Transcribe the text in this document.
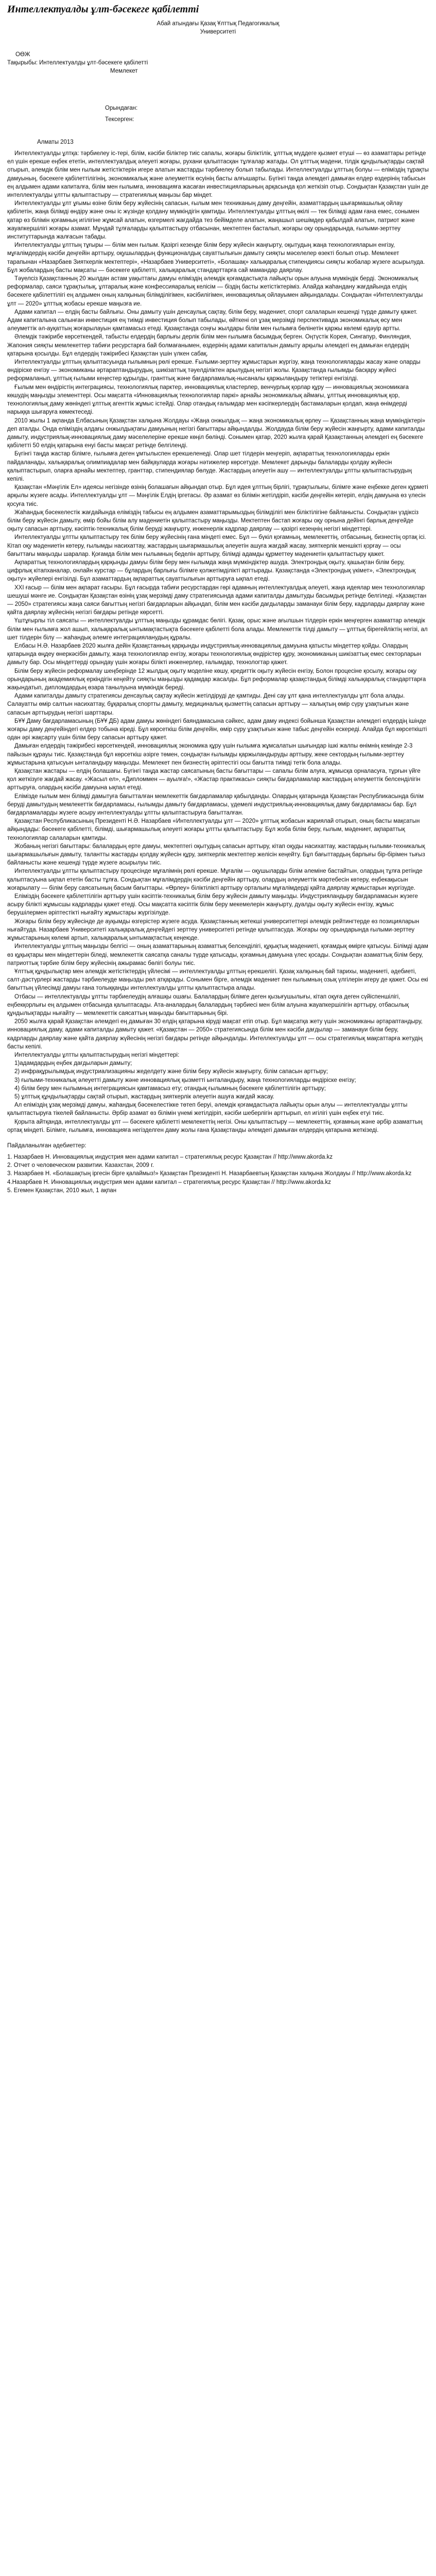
Интеллектуалды ұлт-бәсекеге қабілетті
Абай атындағы Қазақ Ұлттық Педагогикалық
Университеті
ОӨЖ
Тақырыбы: Интеллектуалды ұлт-бәсекеге қабілетті
Мемлекет
Орындаған:
Тексерген:
Алматы 2013

Интеллектуалды ұлтқа: тәрбиелеу іс-тері, білім, кәсіби біліктер тиіс сапалы, жоғары біліктілік, ұлттық мүддеге қызмет етуші — өз азаматтары ретінде ел үшін ерекше еңбек ететін, интеллектуалдық әлеуеті жоғары, рухани қалыптасқан тұлғалар жатады. Ол ұлттық мәдени, тілдік құндылықтарды сақтай отырып, әлемдік білім мен ғылым жетістіктерін игере алатын жастарды тәрбиелеу болып табылады. Интеллектуалды ұлттың болуы — еліміздің тұрақты дамуының, бәсекеге қабілеттілігінің, экономикалық және әлеуметтік өсуінің басты алғышарты. Бүгінгі таңда әлемдегі дамыған елдер өздерінің табысын ең алдымен адами капиталға, білім мен ғылымға, инновацияға жасаған инвестицияларының арқасында қол жеткізіп отыр. Сондықтан Қазақстан үшін де интеллектуалды ұлтты қалыптастыру — стратегиялық маңызы бар міндет.

Интеллектуалды ұлт ұғымы өзіне білім беру жүйесінің сапасын, ғылым мен техниканың даму деңгейін, азаматтардың шығармашылық ойлау қабілетін, жаңа білімді өндіру және оны іс жүзінде қолдану мүмкіндігін қамтиды. Интеллектуалды ұлттың өкілі — тек білімді адам ғана емес, сонымен қатар өз білімін қоғамның игілігіне жұмсай алатын, өзгермелі жағдайда тез бейімделе алатын, жаңашыл шешімдер қабылдай алатын, патриот және жауапкершілігі жоғары азамат. Мұндай тұлғаларды қалыптастыру отбасынан, мектептен басталып, жоғары оқу орындарында, ғылыми-зерттеу институттарында жалғасын табады.

Интеллектуалды ұлттың тұғыры — білім мен ғылым. Қазіргі кезеңде білім беру жүйесін жаңғырту, оқытудың жаңа технологияларын енгізу, мұғалімдердің кәсіби деңгейін арттыру, оқушылардың функционалдық сауаттылығын дамыту сияқты мәселелер өзекті болып отыр. Мемлекет тарапынан «Назарбаев Зияткерлік мектептері», «Назарбаев Университеті», «Болашақ» халықаралық стипендиясы сияқты жобалар жүзеге асырылуда. Бұл жобалардың басты мақсаты — бәсекеге қабілетті, халықаралық стандарттарға сай мамандар даярлау.

Тәуелсіз Қазақстанның 20 жылдан астам уақыттағы дамуы еліміздің әлемдік қоғамдастықта лайықты орын алуына мүмкіндік берді. Экономикалық реформалар, саяси тұрақтылық, ұлтаралық және конфессияаралық келісім — біздің басты жетістіктеріміз. Алайда жаһандану жағдайында елдің бәсекеге қабілеттілігі ең алдымен оның халқының білімділігімен, кәсібилігімен, инновациялық ойлауымен айқындалады. Сондықтан «Интеллектуалды ұлт — 2020» ұлттық жобасы ерекше маңызға ие.

Адами капитал — елдің басты байлығы. Оны дамыту үшін денсаулық сақтау, білім беру, мәдениет, спорт салаларын кешенді түрде дамыту қажет. Адам капиталына салынған инвестиция ең тиімді инвестиция болып табылады, өйткені ол ұзақ мерзімді перспективада экономикалық өсу мен әлеуметтік әл-ауқаттың жоғарылауын қамтамасыз етеді. Қазақстанда соңғы жылдары білім мен ғылымға бөлінетін қаржы көлемі едәуір артты.

Әлемдік тәжірибе көрсеткендей, табысты елдердің барлығы дерлік білім мен ғылымға басымдық берген. Оңтүстік Корея, Сингапур, Финляндия, Жапония сияқты мемлекеттер табиғи ресурстарға бай болмағанымен, өздерінің адами капиталын дамыту арқылы әлемдегі ең дамыған елдердің қатарына қосылды. Бұл елдердің тәжірибесі Қазақстан үшін үлкен сабақ.

Интеллектуалды ұлттың қалыптасуында ғылымның рөлі ерекше. Ғылыми-зерттеу жұмыстарын жүргізу, жаңа технологияларды жасау және оларды өндіріске енгізу — экономиканы әртараптандырудың, шикізаттық тәуелділіктен арылудың негізгі жолы. Қазақстанда ғылымды басқару жүйесі реформаланып, ұлттық ғылыми кеңестер құрылды, гранттық және бағдарламалық-нысаналы қаржыландыру тетіктері енгізілді.

Ғылым мен өндірістің интеграциясы, технологиялық парктер, инновациялық кластерлер, венчурлық қорлар құру — инновациялық экономикаға көшудің маңызды элементтері. Осы мақсатта «Инновациялық технологиялар паркі» арнайы экономикалық аймағы, ұлттық инновациялық қор, технологиялық даму жөніндегі ұлттық агенттік жұмыс істейді. Олар отандық ғалымдар мен кәсіпкерлердің бастамаларын қолдап, жаңа өнімдерді нарыққа шығаруға көмектеседі.

2010 жылы 1 ақпанда Елбасының Қазақстан халқына Жолдауы «Жаңа онжылдық — жаңа экономикалық өрлеу — Қазақстанның жаңа мүмкіндіктері» деп аталды. Онда еліміздің алдағы онжылдықтағы дамуының негізгі бағыттары айқындалды. Жолдауда білім беру жүйесін жаңғырту, адами капиталды дамыту, индустриялық-инновациялық даму мәселелеріне ерекше көңіл бөлінді. Сонымен қатар, 2020 жылға қарай Қазақстанның әлемдегі ең бәсекеге қабілетті 50 елдің қатарына енуі басты мақсат ретінде белгіленді.

Бүгінгі таңда жастар білімге, ғылымға деген ұмтылыспен ерекшеленеді. Олар шет тілдерін меңгеріп, ақпараттық технологияларды еркін пайдаланады, халықаралық олимпиадалар мен байқауларда жоғары нәтижелер көрсетуде. Мемлекет дарынды балаларды қолдау жүйесін қалыптастырып, оларға арнайы мектептер, гранттар, стипендиялар бөлуде. Жастардың әлеуетін ашу — интеллектуалды ұлтты қалыптастырудың кепілі.

Қазақстан «Мәңгілік Ел» идеясы негізінде өзінің болашағын айқындап отыр. Бұл идея ұлттың бірлігі, тұрақтылығы, білімге және еңбекке деген құрметі арқылы жүзеге асады. Интеллектуалды ұлт — Мәңгілік Елдің іргетасы. Әр азамат өз білімін жетілдіріп, кәсіби деңгейін көтеріп, елдің дамуына өз үлесін қосуға тиіс.

Жаһандық бәсекелестік жағдайында еліміздің табысы ең алдымен азаматтарымыздың білімділігі мен біліктілігіне байланысты. Сондықтан үздіксіз білім беру жүйесін дамыту, өмір бойы білім алу мәдениетін қалыптастыру маңызды. Мектептен бастап жоғары оқу орнына дейінгі барлық деңгейде оқыту сапасын арттыру, кәсіптік-техникалық білім беруді жаңғырту, инженерлік кадрлар даярлау — қазіргі кезеңнің негізгі міндеттері.

Интеллектуалды ұлтты қалыптастыру тек білім беру жүйесінің ғана міндеті емес. Бұл — бүкіл қоғамның, мемлекеттің, отбасының, бизнестің ортақ ісі. Кітап оқу мәдениетін көтеру, ғылымды насихаттау, жастардың шығармашылық әлеуетін ашуға жағдай жасау, зияткерлік меншікті қорғау — осы бағыттағы маңызды шаралар. Қоғамда білім мен ғылымның беделін арттыру, білімді адамды құрметтеу мәдениетін қалыптастыру қажет.

Ақпараттық технологиялардың қарқынды дамуы білім беру мен ғылымда жаңа мүмкіндіктер ашуда. Электрондық оқыту, қашықтан білім беру, цифрлық кітапханалар, онлайн курстар — бұлардың барлығы білімге қолжетімділікті арттырады. Қазақстанда «Электрондық үкімет», «Электрондық оқыту» жүйелері енгізілді. Бұл азаматтардың ақпараттық сауаттылығын арттыруға ықпал етеді.

ХХІ ғасыр — білім мен ақпарат ғасыры. Бұл ғасырда табиғи ресурстардан гөрі адамның интеллектуалдық әлеуеті, жаңа идеялар мен технологиялар шешуші мәнге ие. Сондықтан Қазақстан өзінің ұзақ мерзімді даму стратегиясында адами капиталды дамытуды басымдық ретінде белгіледі. «Қазақстан — 2050» стратегиясы жаңа саяси бағыттың негізгі бағдарларын айқындап, білім мен кәсіби дағдыларды заманауи білім беру, кадрларды даярлау және қайта даярлау жүйесінің негізгі бағдары ретінде көрсетті.

Үштұғырлы тіл саясаты — интеллектуалды ұлттың маңызды құрамдас бөлігі. Қазақ, орыс және ағылшын тілдерін еркін меңгерген азаматтар әлемдік білім мен ғылымға жол ашып, халықаралық ынтымақтастықта бәсекеге қабілетті бола алады. Мемлекеттік тілді дамыту — ұлттық бірегейліктің негізі, ал шет тілдерін білу — жаһандық әлемге интеграцияланудың құралы.

Елбасы Н.Ә. Назарбаев 2020 жылға дейін Қазақстанның қарқынды индустриялық-инновациялық дамуына қатысты міндеттер қойды. Олардың қатарында өңдеу өнеркәсібін дамыту, жаңа технологиялар енгізу, жоғары технологиялық өндірістер құру, экономиканың шикізаттық емес секторларын дамыту бар. Осы міндеттерді орындау үшін жоғары білікті инженерлер, ғалымдар, технологтар қажет.

Білім беру жүйесін реформалау шеңберінде 12 жылдық оқыту моделіне көшу, кредиттік оқыту жүйесін енгізу, Болон процесіне қосылу, жоғары оқу орындарының академиялық еркіндігін кеңейту сияқты маңызды қадамдар жасалды. Бұл реформалар қазақстандық білімді халықаралық стандарттарға жақындатып, дипломдардың өзара танылуына мүмкіндік береді.

Адами капиталды дамыту стратегиясы денсаулық сақтау жүйесін жетілдіруді де қамтиды. Дені сау ұлт қана интеллектуалды ұлт бола алады. Салауатты өмір салтын насихаттау, бұқаралық спортты дамыту, медициналық қызметтің сапасын арттыру — халықтың өмір сүру ұзақтығын және сапасын арттырудың негізгі шарттары.

БҰҰ Даму бағдарламасының (БҰҰ ДБ) адам дамуы жөніндегі баяндамасына сәйкес, адам даму индексі бойынша Қазақстан әлемдегі елдердің ішінде жоғары даму деңгейіндегі елдер тобына кіреді. Бұл көрсеткіш білім деңгейін, өмір сүру ұзақтығын және табыс деңгейін ескереді. Алайда бұл көрсеткішті одан әрі жақсарту үшін білім беру сапасын арттыру қажет.

Дамыған елдердің тәжірибесі көрсеткендей, инновациялық экономика құру үшін ғылымға жұмсалатын шығындар ішкі жалпы өнімнің кемінде 2-3 пайызын құрауы тиіс. Қазақстанда бұл көрсеткіш әзірге төмен, сондықтан ғылымды қаржыландыруды арттыру, жеке сектордың ғылыми-зерттеу жұмыстарына қатысуын ынталандыру маңызды. Мемлекет пен бизнестің әріптестігі осы бағытта тиімді тетік бола алады.

Қазақстан жастары — елдің болашағы. Бүгінгі таңда жастар саясатының басты бағыттары — сапалы білім алуға, жұмысқа орналасуға, тұрғын үйге қол жеткізуге жағдай жасау. «Жасыл ел», «Дипломмен — ауылға!», «Жастар практикасы» сияқты бағдарламалар жастардың әлеуметтік белсенділігін арттыруға, олардың кәсіби дамуына ықпал етеді.

Елімізде ғылым мен білімді дамытуға бағытталған мемлекеттік бағдарламалар қабылданды. Олардың қатарында Қазақстан Республикасында білім беруді дамытудың мемлекеттік бағдарламасы, ғылымды дамыту бағдарламасы, үдемелі индустриялық-инновациялық даму бағдарламасы бар. Бұл бағдарламаларды жүзеге асыру интеллектуалды ұлтты қалыптастыруға бағытталған.

Қазақстан Республикасының Президенті Н.Ә. Назарбаев «Интеллектуалды ұлт — 2020» ұлттық жобасын жариялай отырып, оның басты мақсатын айқындады: бәсекеге қабілетті, білімді, шығармашылық әлеуеті жоғары ұлтты қалыптастыру. Бұл жоба білім беру, ғылым, мәдениет, ақпараттық технологиялар салаларын қамтиды.

Жобаның негізгі бағыттары: балалардың ерте дамуы, мектептегі оқытудың сапасын арттыру, кітап оқуды насихаттау, жастардың ғылыми-техникалық шығармашылығын дамыту, талантты жастарды қолдау жүйесін құру, зияткерлік мектептер желісін кеңейту. Бұл бағыттардың барлығы бір-бірімен тығыз байланысты және кешенді түрде жүзеге асырылуы тиіс.

Интеллектуалды ұлтты қалыптастыру процесінде мұғалімнің рөлі ерекше. Мұғалім — оқушыларды білім әлеміне бастайтын, олардың тұлға ретінде қалыптасуына ықпал ететін басты тұлға. Сондықтан мұғалімдердің кәсіби деңгейін арттыру, олардың әлеуметтік мәртебесін көтеру, еңбекақысын жоғарылату — білім беру саясатының басым бағыттары. «Өрлеу» біліктілікті арттыру орталығы мұғалімдерді қайта даярлау жұмыстарын жүргізуде.

Еліміздің бәсекеге қабілеттілігін арттыру үшін кәсіптік-техникалық білім беру жүйесін дамыту маңызды. Индустрияландыру бағдарламасын жүзеге асыру білікті жұмысшы кадрларды қажет етеді. Осы мақсатта кәсіптік білім беру мекемелерін жаңғырту, дуалды оқыту жүйесін енгізу, жұмыс берушілермен әріптестікті нығайту жұмыстары жүргізілуде.

Жоғары білім беру жүйесінде де ауқымды өзгерістер жүзеге асуда. Қазақстанның жетекші университеттері әлемдік рейтингтерде өз позицияларын нығайтуда. Назарбаев Университеті халықаралық деңгейдегі зерттеу университеті ретінде қалыптасуда. Жоғары оқу орындарында ғылыми-зерттеу жұмыстарының көлемі артып, халықаралық ынтымақтастық кеңеюде.

Интеллектуалды ұлттың маңызды белгісі — оның азаматтарының азаматтық белсенділігі, құқықтық мәдениеті, қоғамдық өмірге қатысуы. Білімді адам өз құқықтары мен міндеттерін біледі, мемлекеттік саясатқа саналы түрде қатысады, қоғамның дамуына үлес қосады. Сондықтан азаматтық білім беру, патриоттық тәрбие білім беру жүйесінің ажырамас бөлігі болуы тиіс.

Ұлттық құндылықтар мен әлемдік жетістіктердің үйлесімі — интеллектуалды ұлттың ерекшелігі. Қазақ халқының бай тарихы, мәдениеті, әдебиеті, салт-дәстүрлері жастарды тәрбиелеуде маңызды рөл атқарады. Сонымен бірге, әлемдік мәдениет пен ғылымның озық үлгілерін игеру де қажет. Осы екі бағыттың үйлесімді дамуы ғана толыққанды интеллектуалды ұлтты қалыптастыра алады.

Отбасы — интеллектуалды ұлтты тәрбиелеудің алғашқы ошағы. Балалардың білімге деген қызығушылығы, кітап оқуға деген сүйіспеншілігі, еңбекқорлығы ең алдымен отбасында қалыптасады. Ата-аналардың балалардың тәрбиесі мен білім алуына жауапкершілігін арттыру, отбасылық құндылықтарды нығайту — мемлекеттік саясаттың маңызды бағыттарының бірі.

2050 жылға қарай Қазақстан әлемдегі ең дамыған 30 елдің қатарына кіруді мақсат етіп отыр. Бұл мақсатқа жету үшін экономиканы әртараптандыру, инновациялық даму, адами капиталды дамыту қажет. «Қазақстан — 2050» стратегиясында білім мен кәсіби дағдылар — заманауи білім беру, кадрларды даярлау және қайта даярлау жүйесінің негізгі бағдары ретінде айқындалды. Интеллектуалды ұлт — осы стратегиялық мақсаттарға жетудің басты кепілі.

Интеллектуалды ұлтты қалыптастырудың негізгі міндеттері:

1)адамдардың еңбек дағдыларын дамыту;

2) инфрақұрылымдық индустриализацияны жеделдету және білім беру жүйесін жаңғырту, білім сапасын арттыру;

3) ғылыми-техникалық әлеуетті дамыту және инновациялық қызметті ынталандыру, жаңа технологияларды өндіріске енгізу;

4) білім беру мен ғылымның интеграциясын қамтамасыз ету; отандық ғылымның бәсекеге қабілеттілігін арттыру;

5) ұлттық құндылықтарды сақтай отырып, жастардың зияткерлік әлеуетін ашуға жағдай жасау.

Ал еліміздің ұзақ мерзімді дамуы, жаһандық бәсекелестікке төтеп беруі, әлемдік қоғамдастықта лайықты орын алуы — интеллектуалды ұлтты қалыптастыруға тікелей байланысты. Әрбір азамат өз білімін үнемі жетілдіріп, кәсіби шеберлігін арттырып, ел игілігі үшін еңбек етуі тиіс.

Қорыта айтқанда, интеллектуалды ұлт — бәсекеге қабілетті мемлекеттің негізі. Оны қалыптастыру — мемлекеттің, қоғамның және әрбір азаматтың ортақ міндеті. Білімге, ғылымға, инновацияға негізделген даму жолы ғана Қазақстанды әлемдегі дамыған елдердің қатарына жеткізеді.

Пайдаланылған әдебиеттер:

1. Назарбаев Н. Инновациялық индустрия мен адами капитал – стратегиялық ресурс Қазақстан // http://www.akorda.kz

2. Отчет о человеческом развитии. Казахстан, 2009 г.

3. Назарбаев Н. «Болашақтың іргесін бірге қалаймыз!» Қазақстан Президенті Н. Назарбаевтың Қазақстан халқына Жолдауы // http://www.akorda.kz

4.Назарбаев Н. Инновациялық индустрия мен адами капитал – стратегиялық ресурс Қазақстан // http://www.akorda.kz

5. Егемен Қазақстан, 2010 жыл, 1 ақпан
